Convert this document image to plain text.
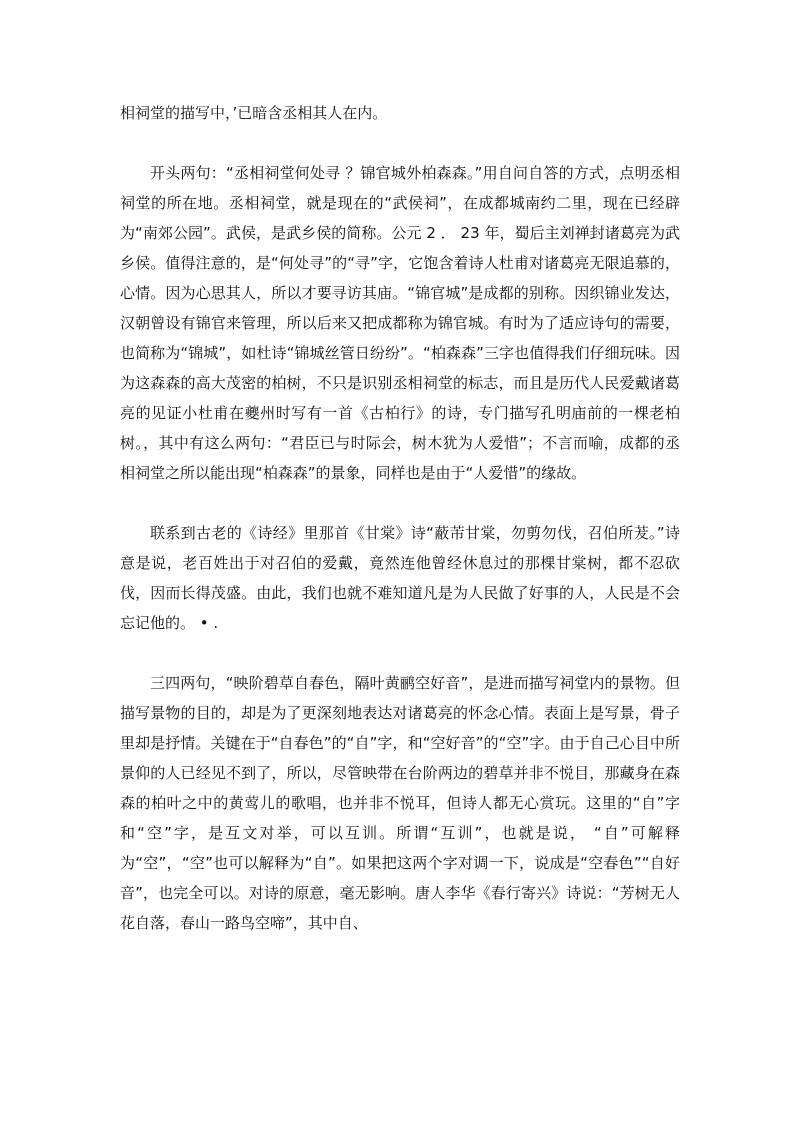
相祠堂的描写中，’已暗含丞相其人在内。

开头两句：“丞相祠堂何处寻 ？锦官城外柏森森。”用自问自答的方式，点明丞相祠堂的所在地。丞相祠堂，就是现在的“武侯祠”，在成都城南约二里，现在已经辟为“南郊公园”。武侯，是武乡侯的简称。公元 2 ． 23 年，蜀后主刘禅封诸葛亮为武乡侯。值得注意的，是“何处寻”的“寻”字，它饱含着诗人杜甫对诸葛亮无限追慕的，心情。因为心思其人，所以才要寻访其庙。“锦官城”是成都的别称。因织锦业发达，汉朝曾设有锦官来管理，所以后来又把成都称为锦官城。有时为了适应诗句的需要，也简称为“锦城”，如杜诗“锦城丝管日纷纷”。“柏森森”三字也值得我们仔细玩味。因为这森森的高大茂密的柏树，不只是识别丞相祠堂的标志，而且是历代人民爱戴诸葛亮的见证小杜甫在夔州时写有一首《古柏行》的诗，专门描写孔明庙前的一棵老柏树。，其中有这么两句：“君臣已与时际会，树木犹为人爱惜”；不言而喻，成都的丞相祠堂之所以能出现“柏森森”的景象，同样也是由于“人爱惜”的缘故。

联系到古老的《诗经》里那首《甘棠》诗“蔽芾甘棠，勿剪勿伐，召伯所茇。”诗意是说，老百姓出于对召伯的爱戴，竟然连他曾经休息过的那棵甘棠树，都不忍砍伐，因而长得茂盛。由此，我们也就不难知道凡是为人民做了好事的人，人民是不会忘记他的。 • .

三四两句，“映阶碧草自春色，隔叶黄鹂空好音”，是进而描写祠堂内的景物。但描写景物的目的，却是为了更深刻地表达对诸葛亮的怀念心情。表面上是写景，骨子里却是抒情。关键在于“自春色”的“自”字，和“空好音”的“空”字。由于自己心目中所景仰的人已经见不到了，所以，尽管映带在台阶两边的碧草并非不悦目，那藏身在森森的柏叶之中的黄莺儿的歌唱，也并非不悦耳，但诗人都无心赏玩。这里的“自”字和“空”字，是互文对举，可以互训。所谓“互训”，也就是说， “自”可解释为“空”，“空”也可以解释为“自”。如果把这两个字对调一下，说成是“空春色”“自好音”，也完全可以。对诗的原意，毫无影响。唐人李华《春行寄兴》诗说：“芳树无人花自落，春山一路鸟空啼”，其中自、
